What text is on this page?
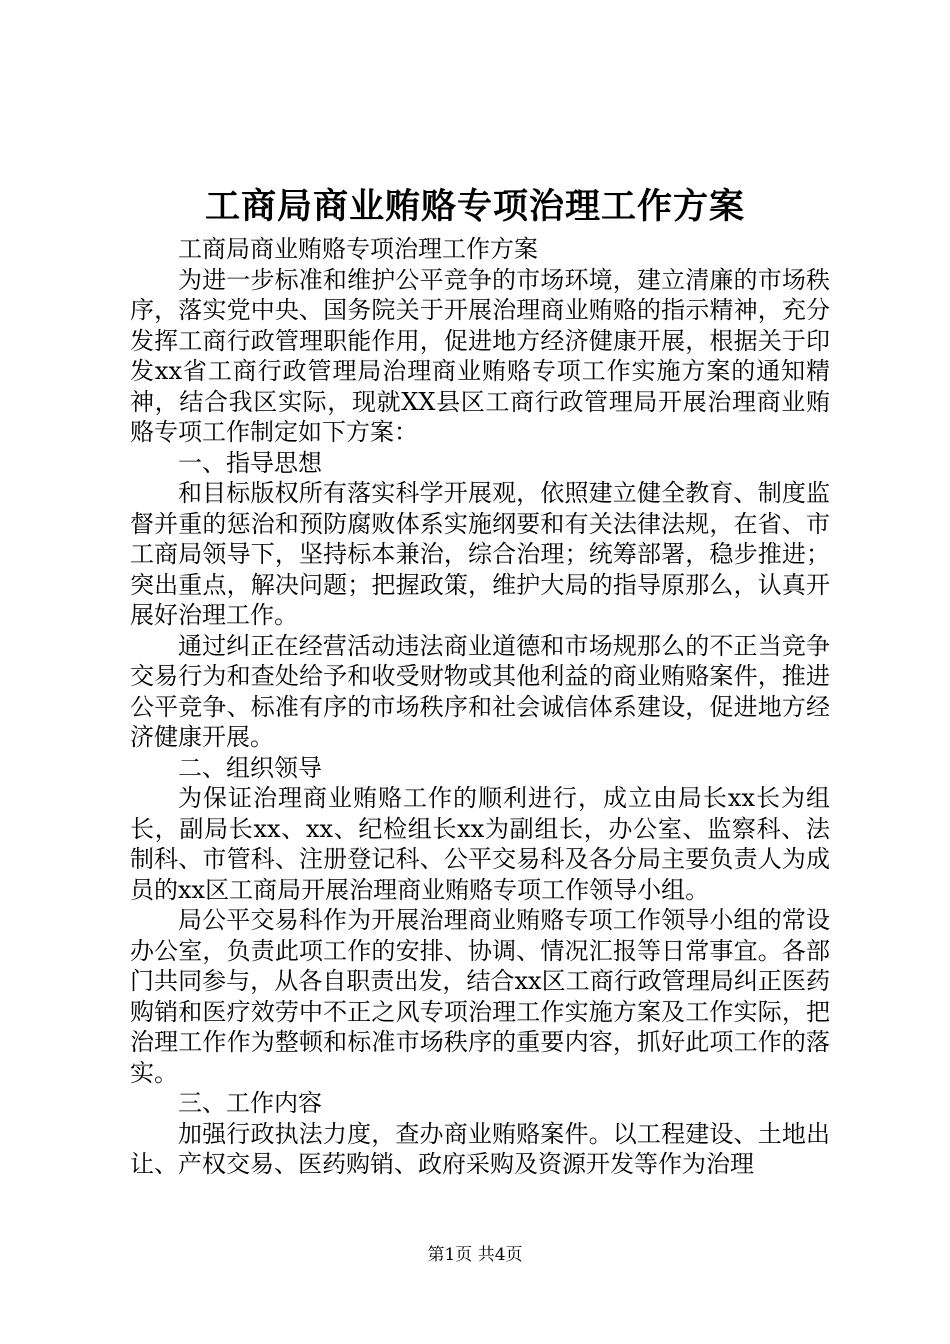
工商局商业贿赂专项治理工作方案

工商局商业贿赂专项治理工作方案

为进一步标准和维护公平竞争的市场环境，建立清廉的市场秩序，落实党中央、国务院关于开展治理商业贿赂的指示精神，充分发挥工商行政管理职能作用，促进地方经济健康开展，根据关于印发xx省工商行政管理局治理商业贿赂专项工作实施方案的通知精神，结合我区实际，现就XX县区工商行政管理局开展治理商业贿赂专项工作制定如下方案：

一、指导思想

和目标版权所有落实科学开展观，依照建立健全教育、制度监督并重的惩治和预防腐败体系实施纲要和有关法律法规，在省、市工商局领导下，坚持标本兼治，综合治理；统筹部署，稳步推进；突出重点，解决问题；把握政策，维护大局的指导原那么，认真开展好治理工作。

通过纠正在经营活动违法商业道德和市场规那么的不正当竞争交易行为和查处给予和收受财物或其他利益的商业贿赂案件，推进公平竞争、标准有序的市场秩序和社会诚信体系建设，促进地方经济健康开展。

二、组织领导

为保证治理商业贿赂工作的顺利进行，成立由局长xx长为组长，副局长xx、xx、纪检组长xx为副组长，办公室、监察科、法制科、市管科、注册登记科、公平交易科及各分局主要负责人为成员的xx区工商局开展治理商业贿赂专项工作领导小组。

局公平交易科作为开展治理商业贿赂专项工作领导小组的常设办公室，负责此项工作的安排、协调、情况汇报等日常事宜。各部门共同参与，从各自职责出发，结合xx区工商行政管理局纠正医药购销和医疗效劳中不正之风专项治理工作实施方案及工作实际，把治理工作作为整顿和标准市场秩序的重要内容，抓好此项工作的落实。

三、工作内容

加强行政执法力度，查办商业贿赂案件。以工程建设、土地出让、产权交易、医药购销、政府采购及资源开发等作为治理

第1页 共4页
